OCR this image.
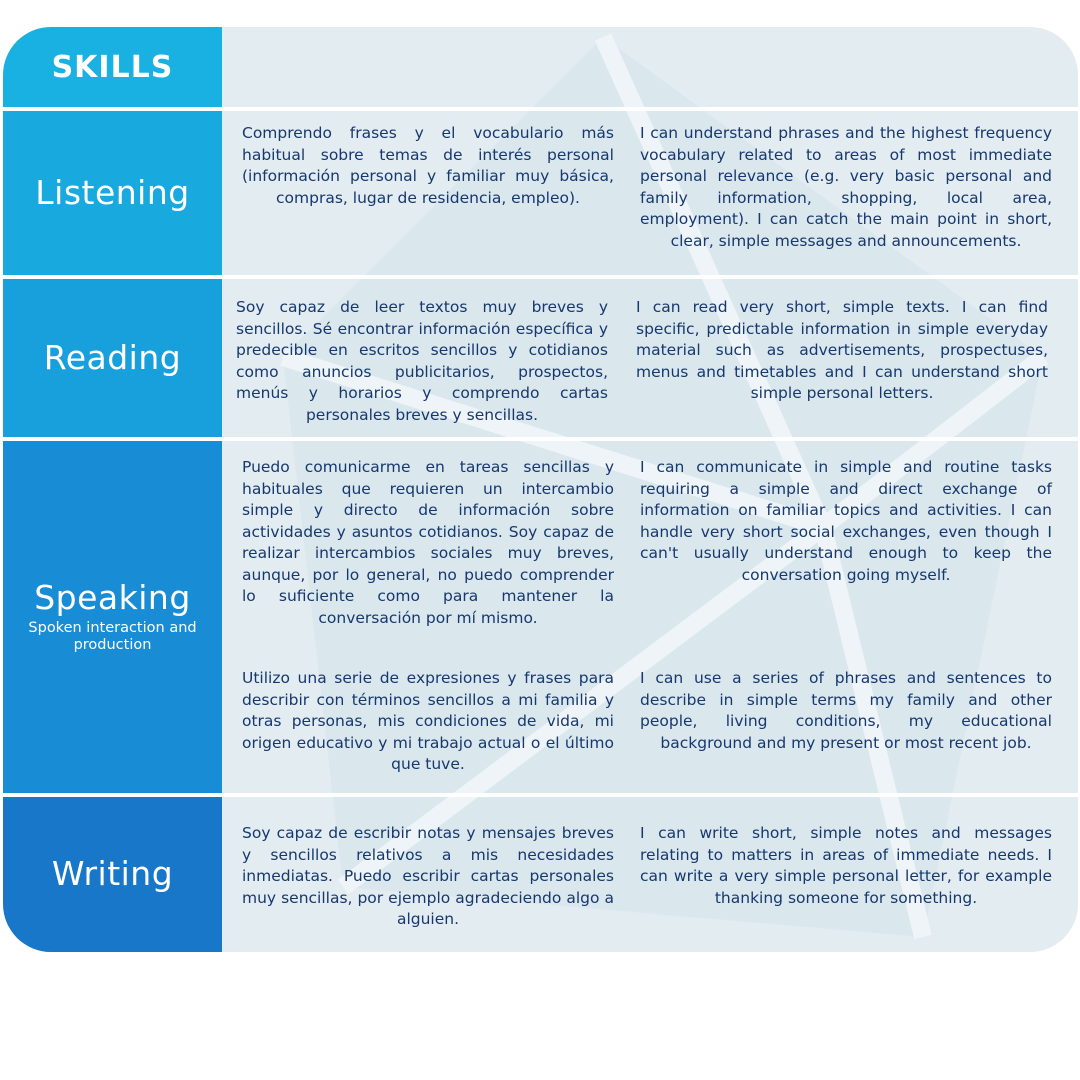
SKILLS
Listening
Comprendo frases y el vocabulario más habitual sobre temas de interés personal (información personal y familiar muy básica, compras, lugar de residencia, empleo).
I can understand phrases and the highest frequency vocabulary related to areas of most immediate personal relevance (e.g. very basic personal and family information, shopping, local area, employment). I can catch the main point in short, clear, simple messages and announcements.
Reading
Soy capaz de leer textos muy breves y sencillos. Sé encontrar información específica y predecible en escritos sencillos y cotidianos como anuncios publicitarios, prospectos, menús y horarios y comprendo cartas personales breves y sencillas.
I can read very short, simple texts. I can find specific, predictable information in simple everyday material such as advertisements, prospectuses, menus and timetables and I can understand short simple personal letters.
Speaking
Spoken interaction and production
Puedo comunicarme en tareas sencillas y habituales que requieren un intercambio simple y directo de información sobre actividades y asuntos cotidianos. Soy capaz de realizar intercambios sociales muy breves, aunque, por lo general, no puedo comprender lo suficiente como para mantener la conversación por mí mismo.
I can communicate in simple and routine tasks requiring a simple and direct exchange of information on familiar topics and activities. I can handle very short social exchanges, even though I can't usually understand enough to keep the conversation going myself.
Utilizo una serie de expresiones y frases para describir con términos sencillos a mi familia y otras personas, mis condiciones de vida, mi origen educativo y mi trabajo actual o el último que tuve.
I can use a series of phrases and sentences to describe in simple terms my family and other people, living conditions, my educational background and my present or most recent job.
Writing
Soy capaz de escribir notas y mensajes breves y sencillos relativos a mis necesidades inmediatas. Puedo escribir cartas personales muy sencillas, por ejemplo agradeciendo algo a alguien.
I can write short, simple notes and messages relating to matters in areas of immediate needs. I can write a very simple personal letter, for example thanking someone for something.
